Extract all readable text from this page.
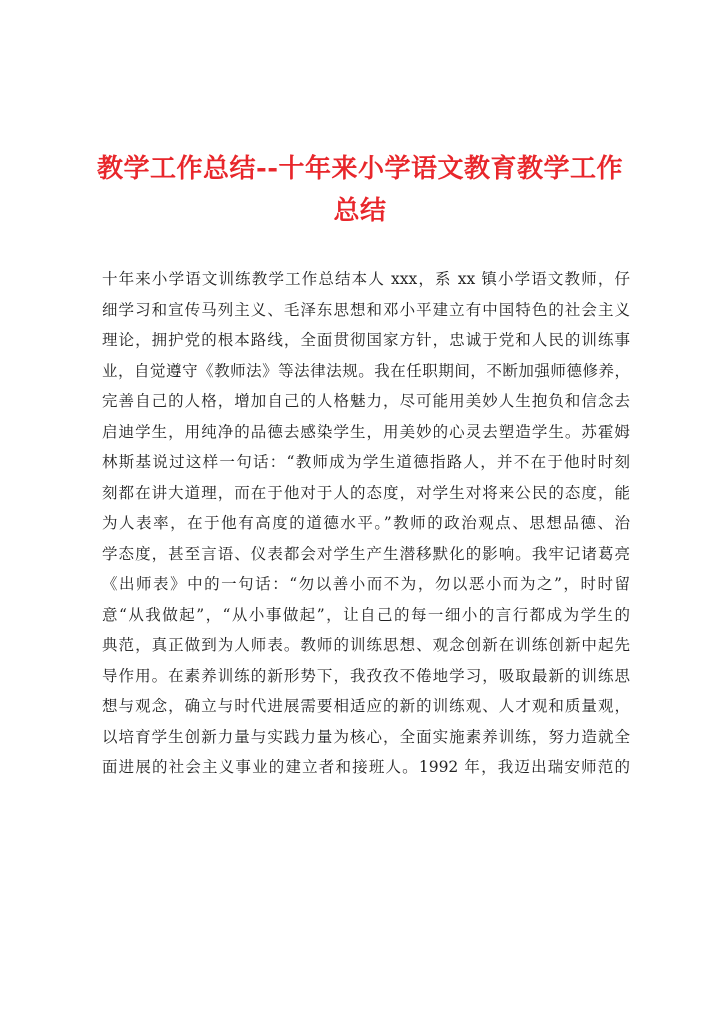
教学工作总结--十年来小学语文教育教学工作
总结
十年来小学语文训练教学工作总结本人 xxx，系 xx 镇小学语文教师，仔
细学习和宣传马列主义、毛泽东思想和邓小平建立有中国特色的社会主义
理论，拥护党的根本路线，全面贯彻国家方针，忠诚于党和人民的训练事
业，自觉遵守《教师法》等法律法规。我在任职期间，不断加强师德修养，
完善自己的人格，增加自己的人格魅力，尽可能用美妙人生抱负和信念去
启迪学生，用纯净的品德去感染学生，用美妙的心灵去塑造学生。苏霍姆
林斯基说过这样一句话：“教师成为学生道德指路人，并不在于他时时刻
刻都在讲大道理，而在于他对于人的态度，对学生对将来公民的态度，能
为人表率，在于他有高度的道德水平。”教师的政治观点、思想品德、治
学态度，甚至言语、仪表都会对学生产生潜移默化的影响。我牢记诸葛亮
《出师表》中的一句话：“勿以善小而不为，勿以恶小而为之”，时时留
意“从我做起”，“从小事做起”，让自己的每一细小的言行都成为学生的
典范，真正做到为人师表。教师的训练思想、观念创新在训练创新中起先
导作用。在素养训练的新形势下，我孜孜不倦地学习，吸取最新的训练思
想与观念，确立与时代进展需要相适应的新的训练观、人才观和质量观，
以培育学生创新力量与实践力量为核心，全面实施素养训练，努力造就全
面进展的社会主义事业的建立者和接班人。1992 年，我迈出瑞安师范的
